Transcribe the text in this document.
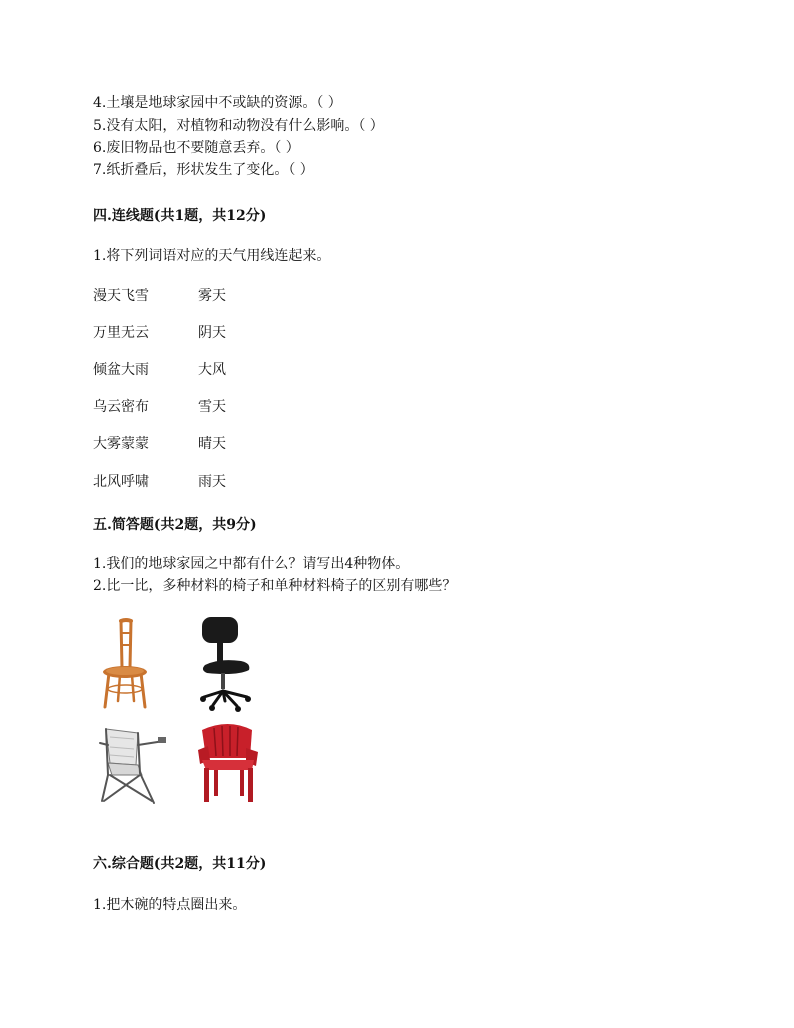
4.土壤是地球家园中不或缺的资源。（ ）
5.没有太阳，对植物和动物没有什么影响。（ ）
6.废旧物品也不要随意丢弃。（ ）
7.纸折叠后，形状发生了变化。（ ）
四.连线题(共1题，共12分)
1.将下列词语对应的天气用线连起来。
漫天飞雪	雾天
万里无云	阴天
倾盆大雨	大风
乌云密布	雪天
大雾蒙蒙	晴天
北风呼啸	雨天
五.简答题(共2题，共9分)
1.我们的地球家园之中都有什么？请写出4种物体。
2.比一比，多种材料的椅子和单种材料椅子的区别有哪些？
六.综合题(共2题，共11分)
1.把木碗的特点圈出来。
